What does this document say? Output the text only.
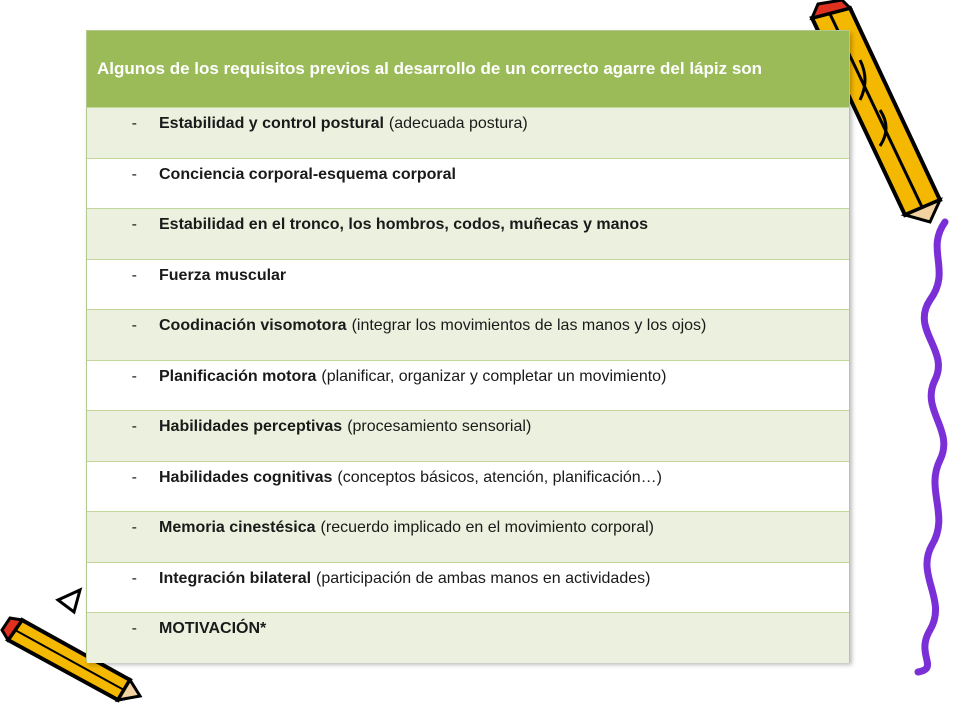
Algunos de los requisitos previos al desarrollo de un correcto agarre del lápiz son
-	Estabilidad y control postural (adecuada postura)
-	Conciencia corporal-esquema corporal
-	Estabilidad en el tronco, los hombros, codos, muñecas y manos
-	Fuerza muscular
-	Coodinación visomotora (integrar los movimientos de las manos y los ojos)
-	Planificación motora (planificar, organizar y completar un movimiento)
-	Habilidades perceptivas (procesamiento sensorial)
-	Habilidades cognitivas (conceptos básicos, atención, planificación…)
-	Memoria cinestésica (recuerdo implicado en el movimiento corporal)
-	Integración bilateral (participación de ambas manos en actividades)
-	MOTIVACIÓN*
